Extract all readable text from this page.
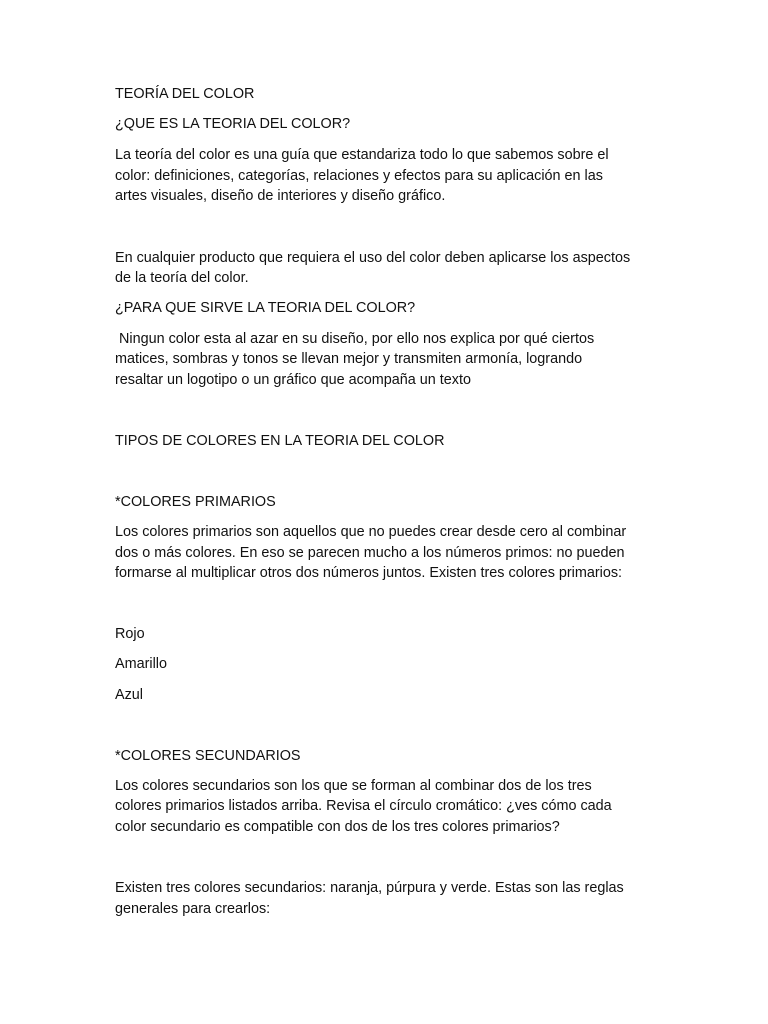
TEORÍA DEL COLOR

¿QUE ES LA TEORIA DEL COLOR?

La teoría del color es una guía que estandariza todo lo que sabemos sobre el

color: definiciones, categorías, relaciones y efectos para su aplicación en las

artes visuales, diseño de interiores y diseño gráfico.

En cualquier producto que requiera el uso del color deben aplicarse los aspectos

de la teoría del color.

¿PARA QUE SIRVE LA TEORIA DEL COLOR?

Ningun color esta al azar en su diseño, por ello nos explica por qué ciertos

matices, sombras y tonos se llevan mejor y transmiten armonía, logrando

resaltar un logotipo o un gráfico que acompaña un texto

TIPOS DE COLORES EN LA TEORIA DEL COLOR

*COLORES PRIMARIOS

Los colores primarios son aquellos que no puedes crear desde cero al combinar

dos o más colores. En eso se parecen mucho a los números primos: no pueden

formarse al multiplicar otros dos números juntos. Existen tres colores primarios:

Rojo

Amarillo

Azul

*COLORES SECUNDARIOS

Los colores secundarios son los que se forman al combinar dos de los tres

colores primarios listados arriba. Revisa el círculo cromático: ¿ves cómo cada

color secundario es compatible con dos de los tres colores primarios?

Existen tres colores secundarios: naranja, púrpura y verde. Estas son las reglas

generales para crearlos:
